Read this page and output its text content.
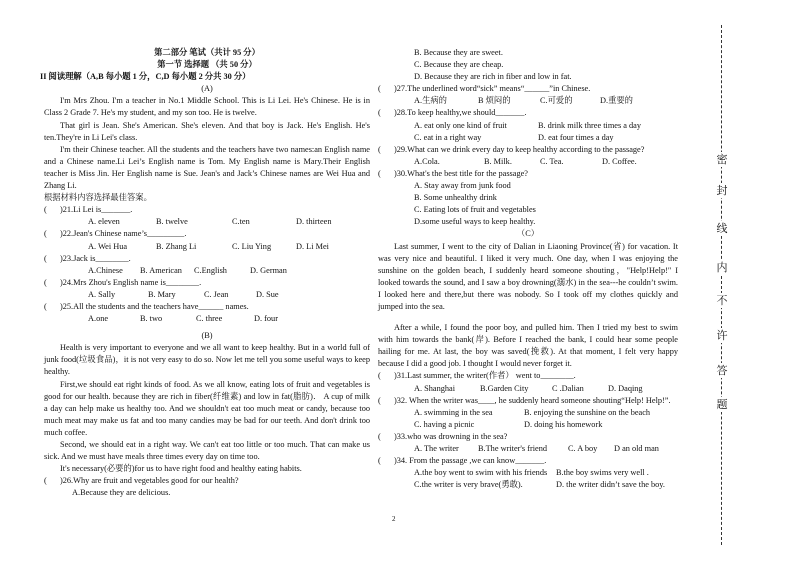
第二部分 笔试（共计 95 分）
第一节 选择题 （共 50 分）
II 阅读理解（A,B 每小题 1 分，C,D 每小题 2 分共 30 分）
(A)
I'm Mrs Zhou. I'm a teacher in No.1 Middle School. This is Li Lei. He's Chinese. He is in Class 2 Grade 7. He's my student, and my son too. He is twelve.
That girl is Jean. She's American. She's eleven. And that boy is Jack. He's English. He's ten.They're in Li Lei's class.
I'm their Chinese teacher. All the students and the teachers have two names:an English name and a Chinese name.Li Lei’s English name is Tom. My English name is Mary.Their English teacher is Miss Jin. Her English name is Sue. Jean's and Jack’s Chinese names are Wei Hua and Zhang Li.
根据材料内容选择最佳答案。
( )21.Li Lei is_______.
A. eleven	B. twelve	C.ten	D. thirteen
( )22.Jean's Chinese name’s_________.
A. Wei Hua	B. Zhang Li	C. Liu Ying	D. Li Mei
( )23.Jack is________.
A.Chinese	B. American	C.English	D. German
( )24.Mrs Zhou's English name is________.
A. Sally	B. Mary	C. Jean	D. Sue
( )25.All the students and the teachers have______ names.
A.one	B. two	C. three	D. four
(B)
Health is very important to everyone and we all want to keep healthy. But in a world full of junk food(垃圾食品)，it is not very easy to do so. Now let me tell you some useful ways to keep healthy.
First,we should eat right kinds of food. As we all know, eating lots of fruit and vegetables is good for our health. because they are rich in fiber(纤维素) and low in fat(脂肪)． A cup of milk a day can help make us healthy too. And we shouldn't eat too much meat or candy, because too much meat may make us fat and too many candies may be bad for our teeth. And don't drink too much coffee.
Second, we should eat in a right way. We can't eat too little or too much. That can make us sick. And we must have meals three times every day on time too.
It's necessary(必要的)for us to have right food and healthy eating habits.
( )26.Why are fruit and vegetables good for our health?
A.Because they are delicious.
B. Because they are sweet.
C. Because they are cheap.
D. Because they are rich in fiber and low in fat.
( )27.The underlined word“sick” means“______”in Chinese.
A.生病的	B 烦闷的	C.可爱的	D.重要的
( )28.To keep healthy,we should_______.
A. eat only one kind of fruit	B. drink milk three times a day
C. eat in a right way	D. eat four times a day
( )29.What can we drink every day to keep healthy according to the passage?
A.Cola.	B. Milk.	C. Tea.	D. Coffee.
( )30.What's the best title for the passage?
A. Stay away from junk food
B. Some unhealthy drink
C. Eating lots of fruit and vegetables
D.some useful ways to keep healthy.
（C）
Last summer, I went to the city of Dalian in Liaoning Province(省) for vacation. It was very nice and beautiful. I liked it very much. One day, when I was enjoying the sunshine on the golden beach, I suddenly heard someone shouting，"Help!Help!" I looked towards the sound, and I saw a boy drowning(溺水) in the sea---he couldn’t swim. I looked here and there,but there was nobody. So I took off my clothes quickly and jumped into the sea.
After a while, I found the poor boy, and pulled him. Then I tried my best to swim with him towards the bank(岸). Before I reached the bank, I could hear some people hailing for me. At last, the boy was saved(挽救). At that moment, I felt very happy because I did a good job. I thought I would never forget it.
( )31.Last summer, the writer(作者） went to________.
A. Shanghai	B.Garden City	C .Dalian	D. Daqing
( )32. When the writer was____, he suddenly heard someone shouting“Help! Help!”.
A. swimming in the sea	B. enjoying the sunshine on the beach
C. having a picnic	D. doing his homework
( )33.who was drowning in the sea?
A. The writer	B.The writer's friend	C. A boy	D an old man
( )34. From the passage ,we can know_______.
A.the boy went to swim with his friends	B.the boy swims very well .
C.the writer is very brave(勇敢).	D. the writer didn’t save the boy.
密
封
线
内
不
许
答
题
2
